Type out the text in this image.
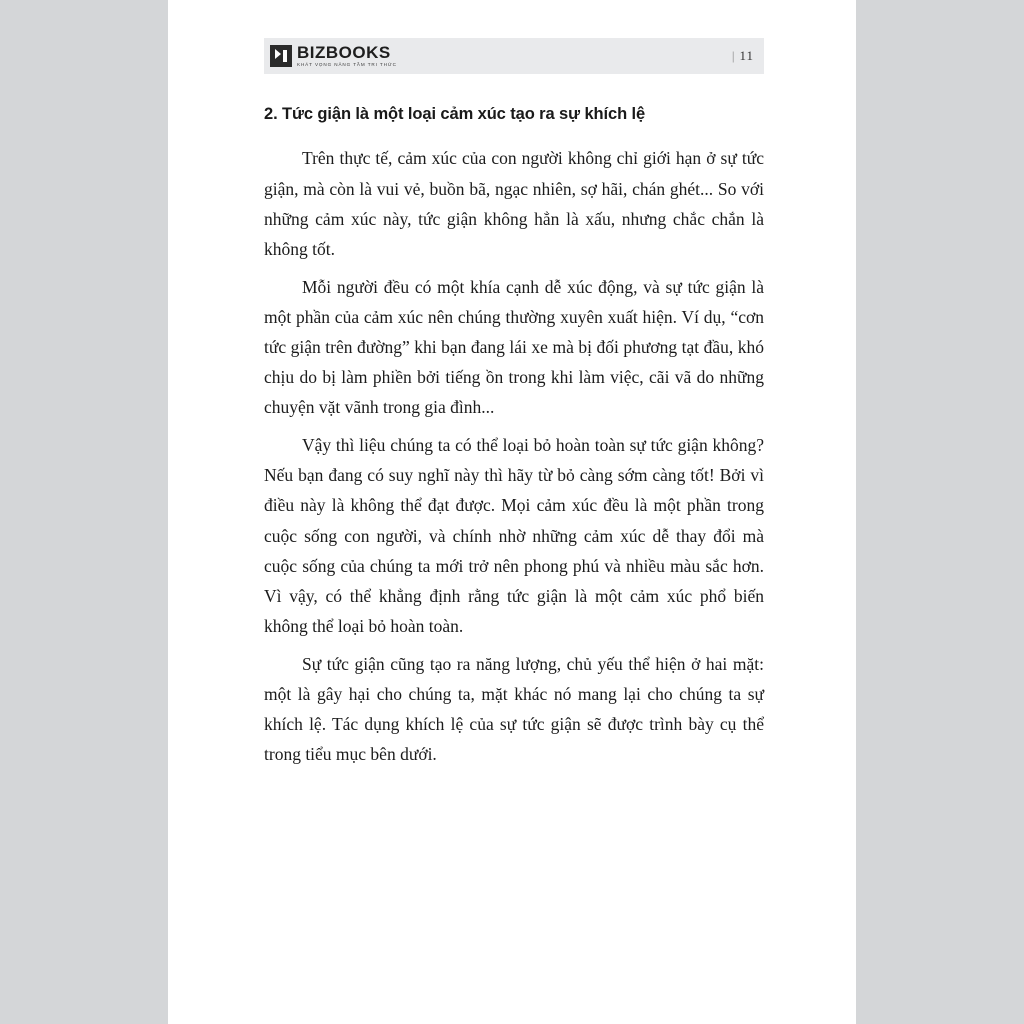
BIZBOOKS
KHÁT VỌNG NÂNG TẦM TRI THỨC
| 11
2. Tức giận là một loại cảm xúc tạo ra sự khích lệ

Trên thực tế, cảm xúc của con người không chỉ giới hạn ở sự tức giận, mà còn là vui vẻ, buồn bã, ngạc nhiên, sợ hãi, chán ghét... So với những cảm xúc này, tức giận không hẳn là xấu, nhưng chắc chắn là không tốt.

Mỗi người đều có một khía cạnh dễ xúc động, và sự tức giận là một phần của cảm xúc nên chúng thường xuyên xuất hiện. Ví dụ, “cơn tức giận trên đường” khi bạn đang lái xe mà bị đối phương tạt đầu, khó chịu do bị làm phiền bởi tiếng ồn trong khi làm việc, cãi vã do những chuyện vặt vãnh trong gia đình...

Vậy thì liệu chúng ta có thể loại bỏ hoàn toàn sự tức giận không? Nếu bạn đang có suy nghĩ này thì hãy từ bỏ càng sớm càng tốt! Bởi vì điều này là không thể đạt được. Mọi cảm xúc đều là một phần trong cuộc sống con người, và chính nhờ những cảm xúc dễ thay đổi mà cuộc sống của chúng ta mới trở nên phong phú và nhiều màu sắc hơn. Vì vậy, có thể khẳng định rằng tức giận là một cảm xúc phổ biến không thể loại bỏ hoàn toàn.

Sự tức giận cũng tạo ra năng lượng, chủ yếu thể hiện ở hai mặt: một là gây hại cho chúng ta, mặt khác nó mang lại cho chúng ta sự khích lệ. Tác dụng khích lệ của sự tức giận sẽ được trình bày cụ thể trong tiểu mục bên dưới.
